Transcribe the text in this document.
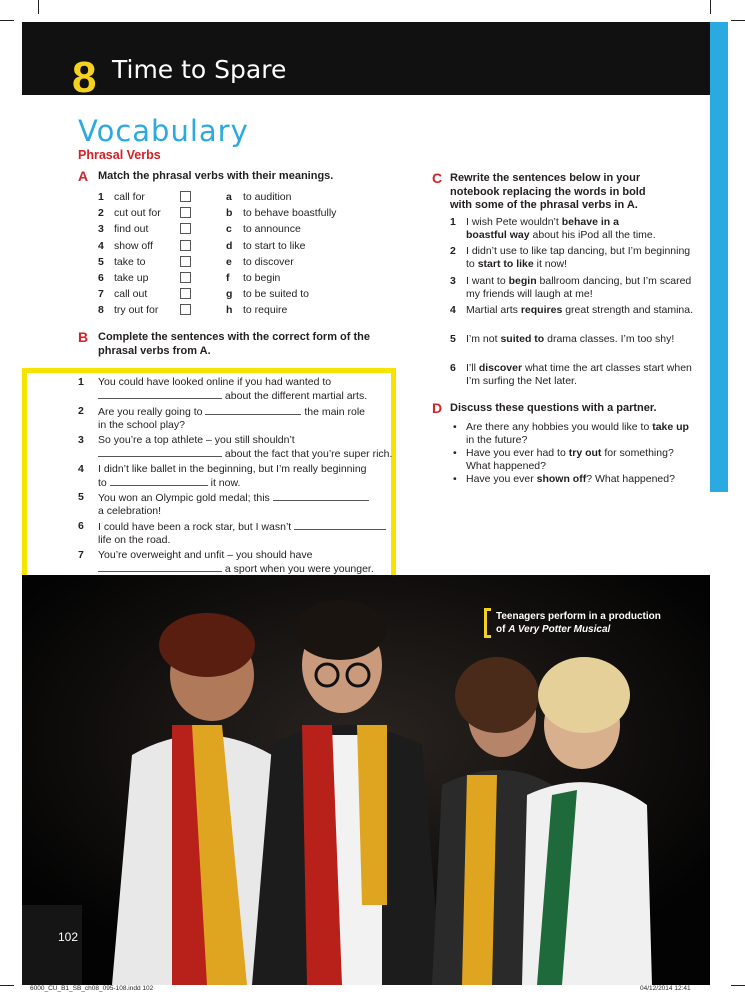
8 Time to Spare
Vocabulary
Phrasal Verbs
A Match the phrasal verbs with their meanings.
1 call for	a to audition
2 cut out for	b to behave boastfully
3 find out	c to announce
4 show off	d to start to like
5 take to	e to discover
6 take up	f to begin
7 call out	g to be suited to
8 try out for	h to require
B Complete the sentences with the correct form of the
phrasal verbs from A.
1 You could have looked online if you had wanted to
about the different martial arts.
2 Are you really going to	the main role
in the school play?
3 So you’re a top athlete – you still shouldn’t
about the fact that you’re super rich.
4 I didn’t like ballet in the beginning, but I’m really beginning
to	it now.
5 You won an Olympic gold medal; this
a celebration!
6 I could have been a rock star, but I wasn’t
life on the road.
7 You’re overweight and unfit – you should have
a sport when you were younger.
C Rewrite the sentences below in your
notebook replacing the words in bold
with some of the phrasal verbs in A.
1 I wish Pete wouldn’t behave in a
boastful way about his iPod all the time.
2 I didn’t use to like tap dancing, but I’m beginning to start to like it now!
3 I want to begin ballroom dancing, but I’m scared my friends will laugh at me!
4 Martial arts requires great strength and stamina.
5 I’m not suited to drama classes. I’m too shy!
6 I’ll discover what time the art classes start when I’m surfing the Net later.
D Discuss these questions with a partner.
• Are there any hobbies you would like to take up in the future?
• Have you ever had to try out for something? What happened?
• Have you ever shown off? What happened?
Teenagers perform in a production
of A Very Potter Musical
102
6000_CU_B1_SB_ch08_095-108.indd 102	04/12/2014 12:41
